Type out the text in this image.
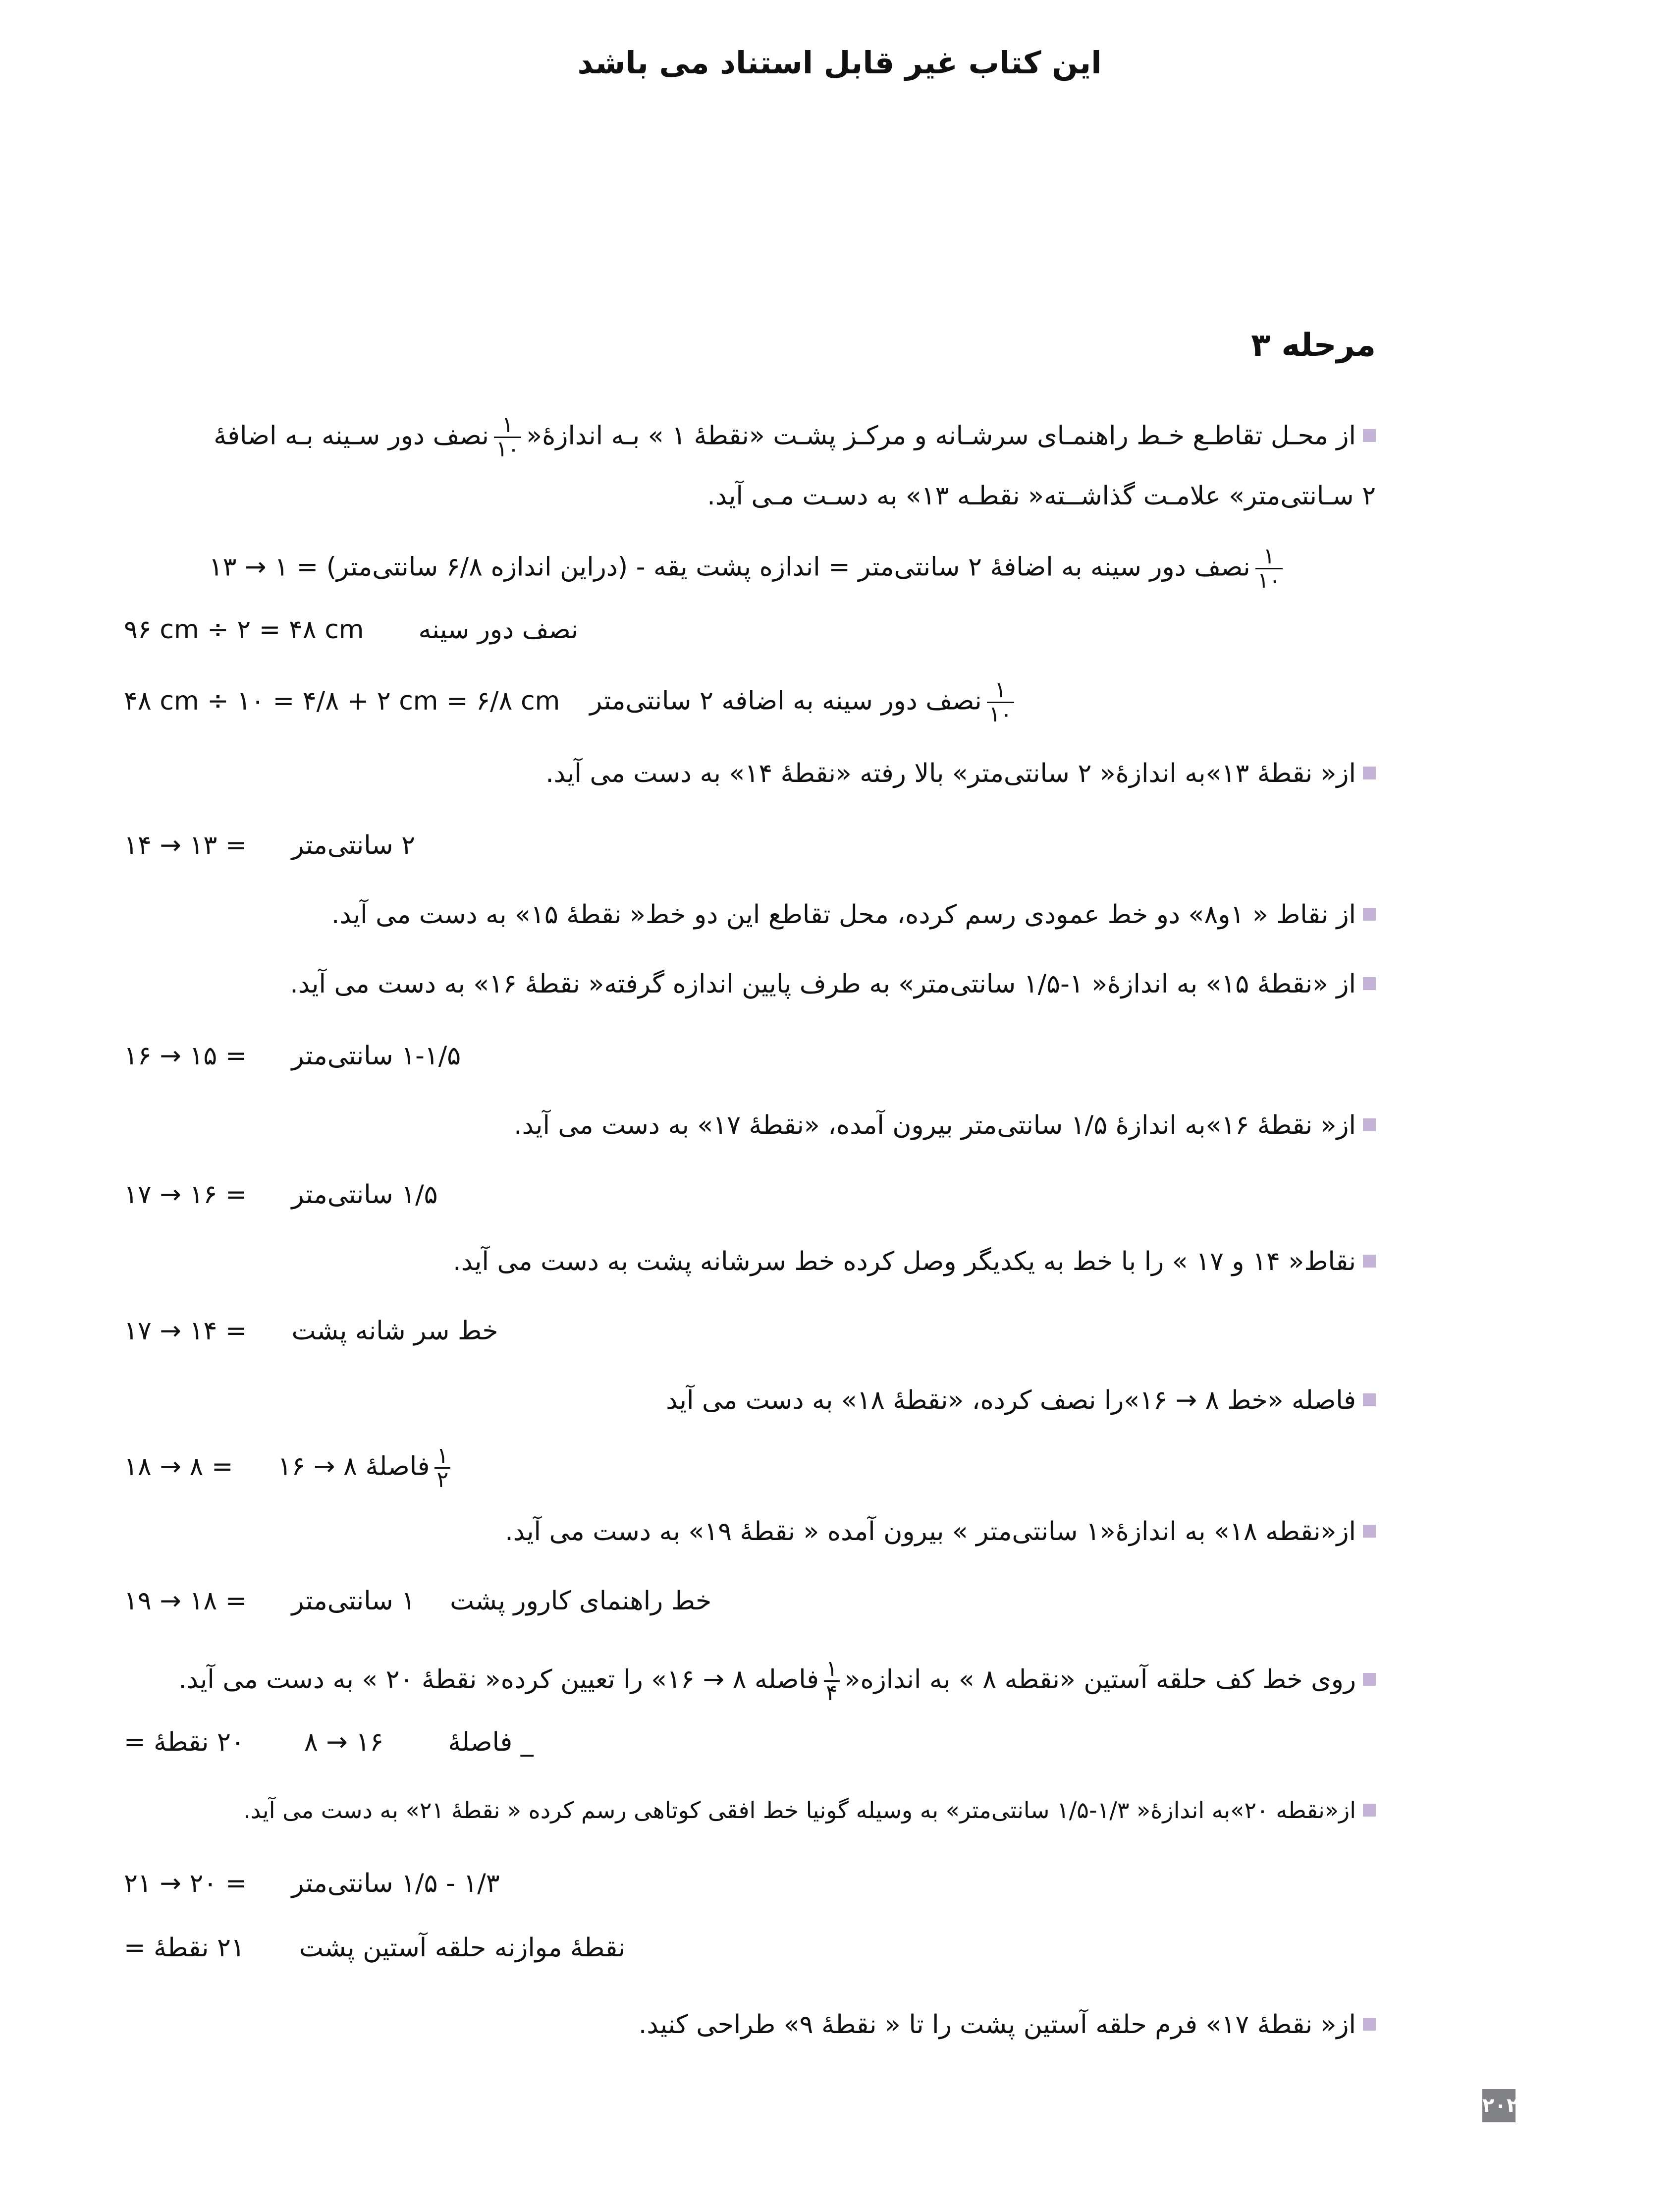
این کتاب غیر قابل استناد می باشد
مرحله ۳
از محـل تقاطـع خـط راهنمـای سرشـانه و مرکـز پشـت «نقطهٔ ۱ » بـه اندازهٔ«
$\frac{۱}{۱۰}$
نصف دور سـینه بـه اضافهٔ
۲ سـانتی‌متر» علامـت گذاشــته« نقطـه ۱۳» به دسـت مـی آید.
$\frac{۱}{۱۰}$
نصف دور سینه به اضافهٔ ۲ سانتی‌متر = اندازه پشت یقه - (دراین اندازه ۶/۸ سانتی‌متر) = ۱ → ۱۳
۹۶ cm ÷ ۲ = ۴۸ cm نصف دور سینه
۴۸ cm ÷ ۱۰ = ۴/۸ + ۲ cm = ۶/۸ cm	$\frac{۱}{۱۰}$
نصف دور سینه به اضافه ۲ سانتی‌متر
از« نقطهٔ ۱۳»به اندازهٔ« ۲ سانتی‌متر» بالا رفته «نقطهٔ ۱۴» به دست می آید.
۱۴ → ۱۳ = ۲ سانتی‌متر
از نقاط « ۱و۸» دو خط عمودی رسم کرده، محل تقاطع این دو خط« نقطهٔ ۱۵» به دست می آید.
از «نقطهٔ ۱۵» به اندازهٔ« ۱-۱/۵ سانتی‌متر» به طرف پایین اندازه گرفته« نقطهٔ ۱۶» به دست می آید.
۱۶ → ۱۵ = ۱-۱/۵ سانتی‌متر
از« نقطهٔ ۱۶»به اندازهٔ ۱/۵ سانتی‌متر بیرون آمده، «نقطهٔ ۱۷» به دست می آید.
۱۷ → ۱۶ = ۱/۵ سانتی‌متر
نقاط« ۱۴ و ۱۷ » را با خط به یکدیگر وصل کرده خط سرشانه پشت به دست می آید.
۱۷ → ۱۴ = خط سر شانه پشت
فاصله «خط ۸ → ۱۶»را نصف کرده، «نقطهٔ ۱۸» به دست می آید
۱۸ → ۸ =	$\frac{۱}{۲}$
فاصلهٔ ۸ → ۱۶
از«نقطه ۱۸» به اندازهٔ«۱ سانتی‌متر » بیرون آمده « نقطهٔ ۱۹» به دست می آید.
۱۹ → ۱۸ =	خط راهنمای کارور پشت۱ سانتی‌متر
روی خط کف حلقه آستین «نقطه ۸ » به اندازه«
$\frac{۱}{۴}$
فاصله ۸ → ۱۶» را تعیین کرده« نقطهٔ ۲۰ » به دست می آید.
۲۰ نقطهٔ =	_ فاصلهٔ۸ → ۱۶
از«نقطه ۲۰»به اندازهٔ« ۱/۳-۱/۵ سانتی‌متر» به وسیله گونیا خط افقی کوتاهی رسم کرده « نقطهٔ ۲۱» به دست می آید.
۲۱ → ۲۰ = ۱/۳ - ۱/۵ سانتی‌متر
۲۱ نقطهٔ = نقطهٔ موازنه حلقه آستین پشت
از« نقطهٔ ۱۷» فرم حلقه آستین پشت را تا « نقطهٔ ۹» طراحی کنید.
۲۰۲
